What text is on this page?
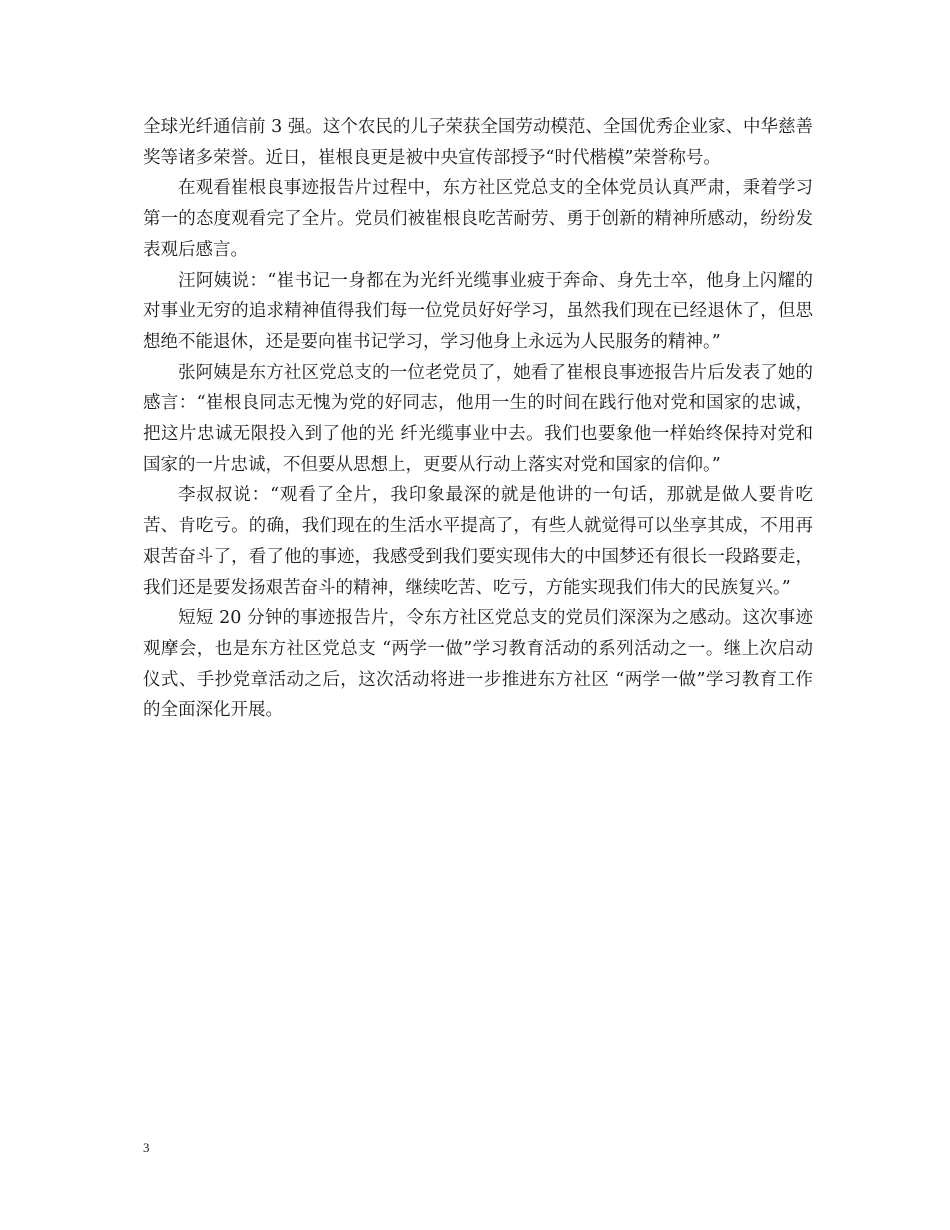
全球光纤通信前 3 强。这个农民的儿子荣获全国劳动模范、全国优秀企业家、中华慈善奖等诸多荣誉。近日，崔根良更是被中央宣传部授予“时代楷模”荣誉称号。

在观看崔根良事迹报告片过程中，东方社区党总支的全体党员认真严肃，秉着学习第一的态度观看完了全片。党员们被崔根良吃苦耐劳、勇于创新的精神所感动，纷纷发表观后感言。

汪阿姨说：“崔书记一身都在为光纤光缆事业疲于奔命、身先士卒，他身上闪耀的对事业无穷的追求精神值得我们每一位党员好好学习，虽然我们现在已经退休了，但思想绝不能退休，还是要向崔书记学习，学习他身上永远为人民服务的精神。”

张阿姨是东方社区党总支的一位老党员了，她看了崔根良事迹报告片后发表了她的感言：“崔根良同志无愧为党的好同志，他用一生的时间在践行他对党和国家的忠诚，把这片忠诚无限投入到了他的光 纤光缆事业中去。我们也要象他一样始终保持对党和国家的一片忠诚，不但要从思想上，更要从行动上落实对党和国家的信仰。”

李叔叔说：“观看了全片，我印象最深的就是他讲的一句话，那就是做人要肯吃苦、肯吃亏。的确，我们现在的生活水平提高了，有些人就觉得可以坐享其成，不用再艰苦奋斗了，看了他的事迹，我感受到我们要实现伟大的中国梦还有很长一段路要走，我们还是要发扬艰苦奋斗的精神，继续吃苦、吃亏，方能实现我们伟大的民族复兴。”

短短 20 分钟的事迹报告片，令东方社区党总支的党员们深深为之感动。这次事迹观摩会，也是东方社区党总支 “两学一做”学习教育活动的系列活动之一。继上次启动仪式、手抄党章活动之后，这次活动将进一步推进东方社区 “两学一做”学习教育工作的全面深化开展。

3
